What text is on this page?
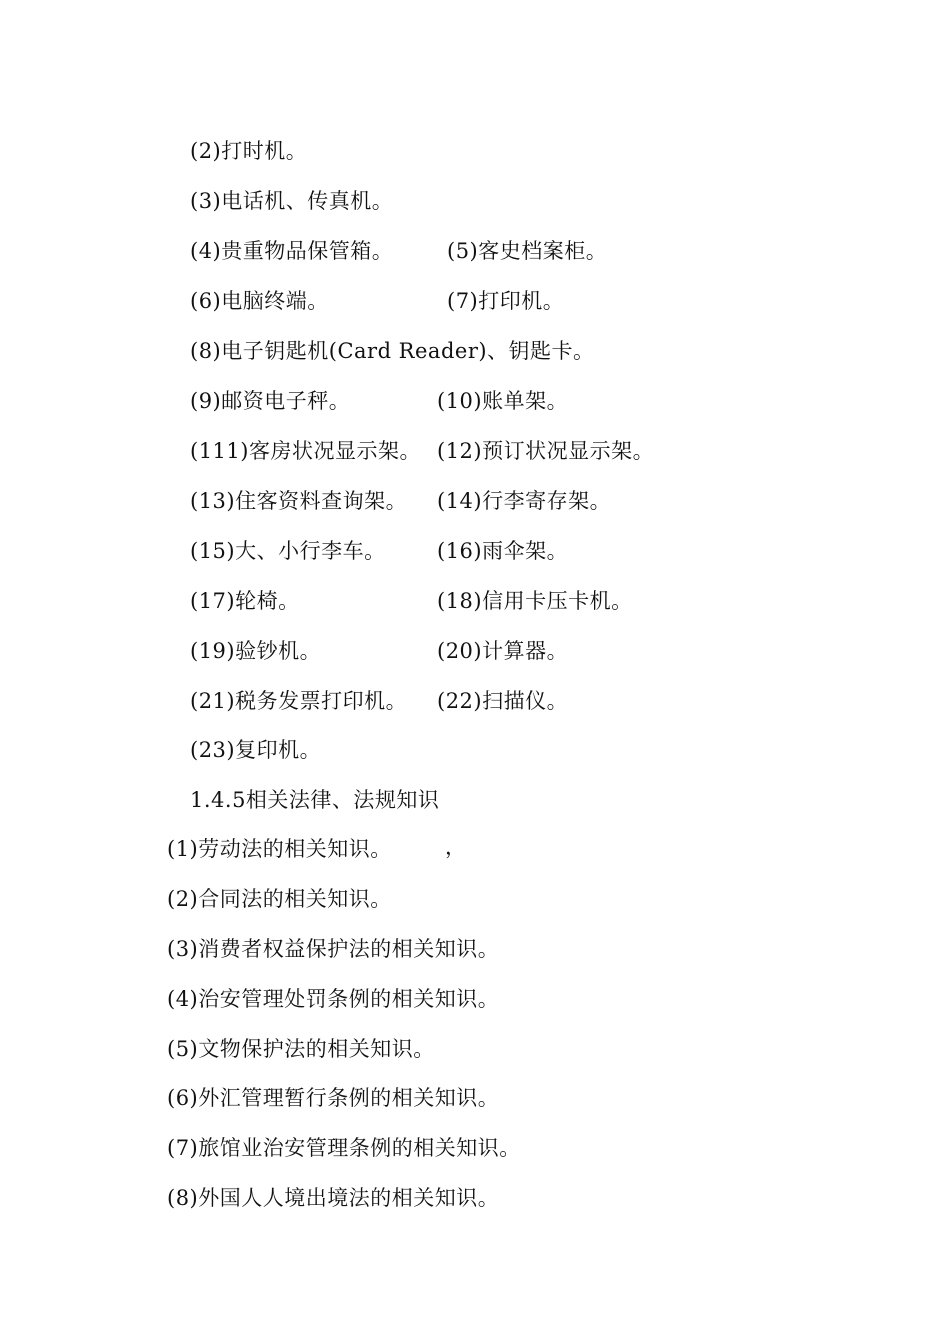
(2)打时机。
(3)电话机、传真机。
(4)贵重物品保管箱。	(5)客史档案柜。
(6)电脑终端。	(7)打印机。
(8)电子钥匙机(Card Reader)、钥匙卡。
(9)邮资电子秤。	(10)账单架。
(111)客房状况显示架。 (12)预订状况显示架。
(13)住客资料查询架。 (14)行李寄存架。
(15)大、小行李车。 (16)雨伞架。
(17)轮椅。	(18)信用卡压卡机。
(19)验钞机。	(20)计算器。
(21)税务发票打印机。 (22)扫描仪。
(23)复印机。
1.4.5相关法律、法规知识
(1)劳动法的相关知识。	，
(2)合同法的相关知识。
(3)消费者权益保护法的相关知识。
(4)治安管理处罚条例的相关知识。
(5)文物保护法的相关知识。
(6)外汇管理暂行条例的相关知识。
(7)旅馆业治安管理条例的相关知识。
(8)外国人人境出境法的相关知识。
